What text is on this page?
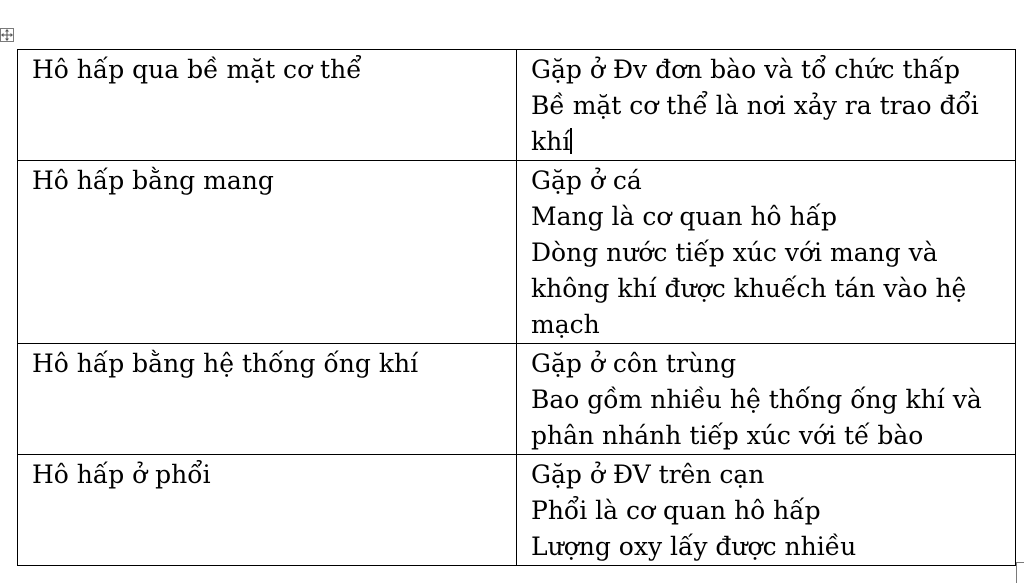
Hô hấp qua bề mặt cơ thể	Gặp ở Đv đơn bào và tổ chức thấp
Bề mặt cơ thể là nơi xảy ra trao đổi
khí

Hô hấp bằng mang	Gặp ở cá
Mang là cơ quan hô hấp
Dòng nước tiếp xúc với mang và
không khí được khuếch tán vào hệ
mạch

Hô hấp bằng hệ thống ống khí	Gặp ở côn trùng
Bao gồm nhiều hệ thống ống khí và
phân nhánh tiếp xúc với tế bào

Hô hấp ở phổi	Gặp ở ĐV trên cạn
Phổi là cơ quan hô hấp
Lượng oxy lấy được nhiều
